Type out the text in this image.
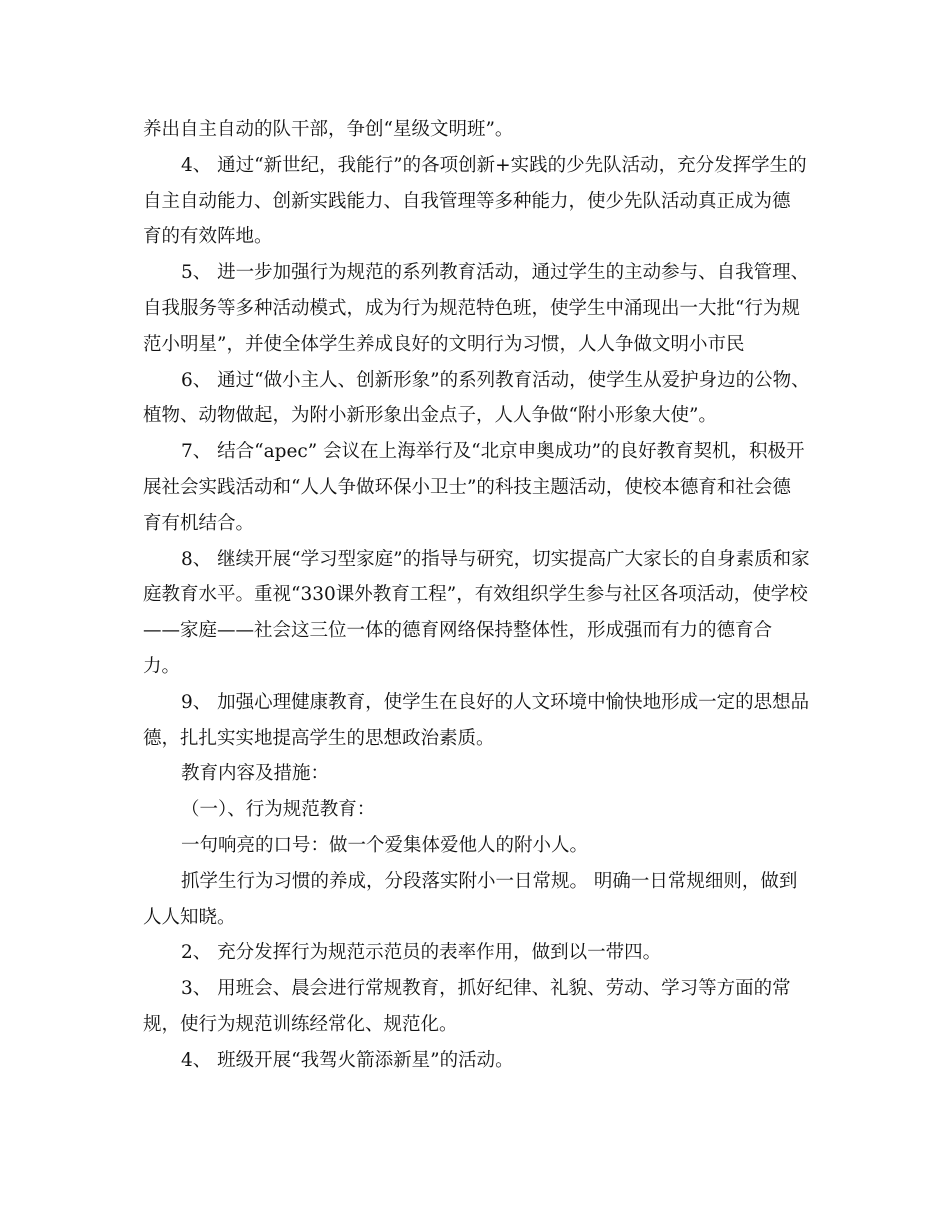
养出自主自动的队干部，争创“星级文明班”。
4、 通过“新世纪，我能行”的各项创新+实践的少先队活动，充分发挥学生的
自主自动能力、创新实践能力、自我管理等多种能力，使少先队活动真正成为德
育的有效阵地。
5、 进一步加强行为规范的系列教育活动，通过学生的主动参与、自我管理、
自我服务等多种活动模式，成为行为规范特色班，使学生中涌现出一大批“行为规
范小明星”，并使全体学生养成良好的文明行为习惯，人人争做文明小市民
6、 通过“做小主人、创新形象”的系列教育活动，使学生从爱护身边的公物、
植物、动物做起，为附小新形象出金点子，人人争做“附小形象大使”。
7、 结合“apec” 会议在上海举行及“北京申奥成功”的良好教育契机，积极开
展社会实践活动和“人人争做环保小卫士”的科技主题活动，使校本德育和社会德
育有机结合。
8、 继续开展“学习型家庭”的指导与研究，切实提高广大家长的自身素质和家
庭教育水平。重视“330课外教育工程”，有效组织学生参与社区各项活动，使学校
——家庭——社会这三位一体的德育网络保持整体性，形成强而有力的德育合
力。
9、 加强心理健康教育，使学生在良好的人文环境中愉快地形成一定的思想品
德，扎扎实实地提高学生的思想政治素质。
教育内容及措施：
（一）、行为规范教育：
一句响亮的口号：做一个爱集体爱他人的附小人。
抓学生行为习惯的养成，分段落实附小一日常规。 明确一日常规细则，做到
人人知晓。
2、 充分发挥行为规范示范员的表率作用，做到以一带四。
3、 用班会、晨会进行常规教育，抓好纪律、礼貌、劳动、学习等方面的常
规，使行为规范训练经常化、规范化。
4、 班级开展“我驾火箭添新星”的活动。
